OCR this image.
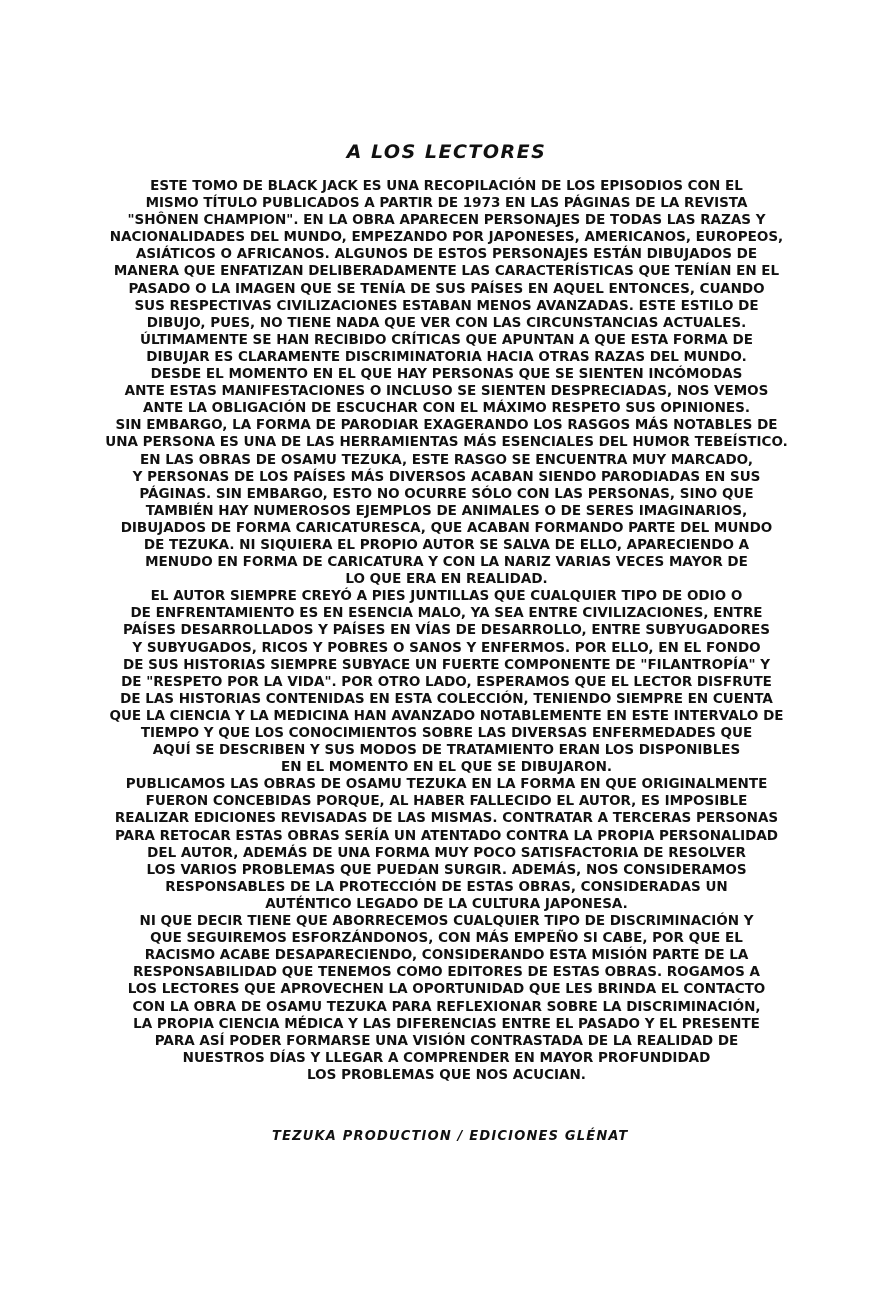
A LOS LECTORES
ESTE TOMO DE BLACK JACK ES UNA RECOPILACIÓN DE LOS EPISODIOS CON EL
MISMO TÍTULO PUBLICADOS A PARTIR DE 1973 EN LAS PÁGINAS DE LA REVISTA
"SHÔNEN CHAMPION". EN LA OBRA APARECEN PERSONAJES DE TODAS LAS RAZAS Y
NACIONALIDADES DEL MUNDO, EMPEZANDO POR JAPONESES, AMERICANOS, EUROPEOS,
ASIÁTICOS O AFRICANOS. ALGUNOS DE ESTOS PERSONAJES ESTÁN DIBUJADOS DE
MANERA QUE ENFATIZAN DELIBERADAMENTE LAS CARACTERÍSTICAS QUE TENÍAN EN EL
PASADO O LA IMAGEN QUE SE TENÍA DE SUS PAÍSES EN AQUEL ENTONCES, CUANDO
SUS RESPECTIVAS CIVILIZACIONES ESTABAN MENOS AVANZADAS. ESTE ESTILO DE
DIBUJO, PUES, NO TIENE NADA QUE VER CON LAS CIRCUNSTANCIAS ACTUALES.
ÚLTIMAMENTE SE HAN RECIBIDO CRÍTICAS QUE APUNTAN A QUE ESTA FORMA DE
DIBUJAR ES CLARAMENTE DISCRIMINATORIA HACIA OTRAS RAZAS DEL MUNDO.
DESDE EL MOMENTO EN EL QUE HAY PERSONAS QUE SE SIENTEN INCÓMODAS
ANTE ESTAS MANIFESTACIONES O INCLUSO SE SIENTEN DESPRECIADAS, NOS VEMOS
ANTE LA OBLIGACIÓN DE ESCUCHAR CON EL MÁXIMO RESPETO SUS OPINIONES.
SIN EMBARGO, LA FORMA DE PARODIAR EXAGERANDO LOS RASGOS MÁS NOTABLES DE
UNA PERSONA ES UNA DE LAS HERRAMIENTAS MÁS ESENCIALES DEL HUMOR TEBEÍSTICO.
EN LAS OBRAS DE OSAMU TEZUKA, ESTE RASGO SE ENCUENTRA MUY MARCADO,
Y PERSONAS DE LOS PAÍSES MÁS DIVERSOS ACABAN SIENDO PARODIADAS EN SUS
PÁGINAS. SIN EMBARGO, ESTO NO OCURRE SÓLO CON LAS PERSONAS, SINO QUE
TAMBIÉN HAY NUMEROSOS EJEMPLOS DE ANIMALES O DE SERES IMAGINARIOS,
DIBUJADOS DE FORMA CARICATURESCA, QUE ACABAN FORMANDO PARTE DEL MUNDO
DE TEZUKA. NI SIQUIERA EL PROPIO AUTOR SE SALVA DE ELLO, APARECIENDO A
MENUDO EN FORMA DE CARICATURA Y CON LA NARIZ VARIAS VECES MAYOR DE
LO QUE ERA EN REALIDAD.
EL AUTOR SIEMPRE CREYÓ A PIES JUNTILLAS QUE CUALQUIER TIPO DE ODIO O
DE ENFRENTAMIENTO ES EN ESENCIA MALO, YA SEA ENTRE CIVILIZACIONES, ENTRE
PAÍSES DESARROLLADOS Y PAÍSES EN VÍAS DE DESARROLLO, ENTRE SUBYUGADORES
Y SUBYUGADOS, RICOS Y POBRES O SANOS Y ENFERMOS. POR ELLO, EN EL FONDO
DE SUS HISTORIAS SIEMPRE SUBYACE UN FUERTE COMPONENTE DE "FILANTROPÍA" Y
DE "RESPETO POR LA VIDA". POR OTRO LADO, ESPERAMOS QUE EL LECTOR DISFRUTE
DE LAS HISTORIAS CONTENIDAS EN ESTA COLECCIÓN, TENIENDO SIEMPRE EN CUENTA
QUE LA CIENCIA Y LA MEDICINA HAN AVANZADO NOTABLEMENTE EN ESTE INTERVALO DE
TIEMPO Y QUE LOS CONOCIMIENTOS SOBRE LAS DIVERSAS ENFERMEDADES QUE
AQUÍ SE DESCRIBEN Y SUS MODOS DE TRATAMIENTO ERAN LOS DISPONIBLES
EN EL MOMENTO EN EL QUE SE DIBUJARON.
PUBLICAMOS LAS OBRAS DE OSAMU TEZUKA EN LA FORMA EN QUE ORIGINALMENTE
FUERON CONCEBIDAS PORQUE, AL HABER FALLECIDO EL AUTOR, ES IMPOSIBLE
REALIZAR EDICIONES REVISADAS DE LAS MISMAS. CONTRATAR A TERCERAS PERSONAS
PARA RETOCAR ESTAS OBRAS SERÍA UN ATENTADO CONTRA LA PROPIA PERSONALIDAD
DEL AUTOR, ADEMÁS DE UNA FORMA MUY POCO SATISFACTORIA DE RESOLVER
LOS VARIOS PROBLEMAS QUE PUEDAN SURGIR. ADEMÁS, NOS CONSIDERAMOS
RESPONSABLES DE LA PROTECCIÓN DE ESTAS OBRAS, CONSIDERADAS UN
AUTÉNTICO LEGADO DE LA CULTURA JAPONESA.
NI QUE DECIR TIENE QUE ABORRECEMOS CUALQUIER TIPO DE DISCRIMINACIÓN Y
QUE SEGUIREMOS ESFORZÁNDONOS, CON MÁS EMPEÑO SI CABE, POR QUE EL
RACISMO ACABE DESAPARECIENDO, CONSIDERANDO ESTA MISIÓN PARTE DE LA
RESPONSABILIDAD QUE TENEMOS COMO EDITORES DE ESTAS OBRAS. ROGAMOS A
LOS LECTORES QUE APROVECHEN LA OPORTUNIDAD QUE LES BRINDA EL CONTACTO
CON LA OBRA DE OSAMU TEZUKA PARA REFLEXIONAR SOBRE LA DISCRIMINACIÓN,
LA PROPIA CIENCIA MÉDICA Y LAS DIFERENCIAS ENTRE EL PASADO Y EL PRESENTE
PARA ASÍ PODER FORMARSE UNA VISIÓN CONTRASTADA DE LA REALIDAD DE
NUESTROS DÍAS Y LLEGAR A COMPRENDER EN MAYOR PROFUNDIDAD
LOS PROBLEMAS QUE NOS ACUCIAN.
TEZUKA PRODUCTION / EDICIONES GLÉNAT
